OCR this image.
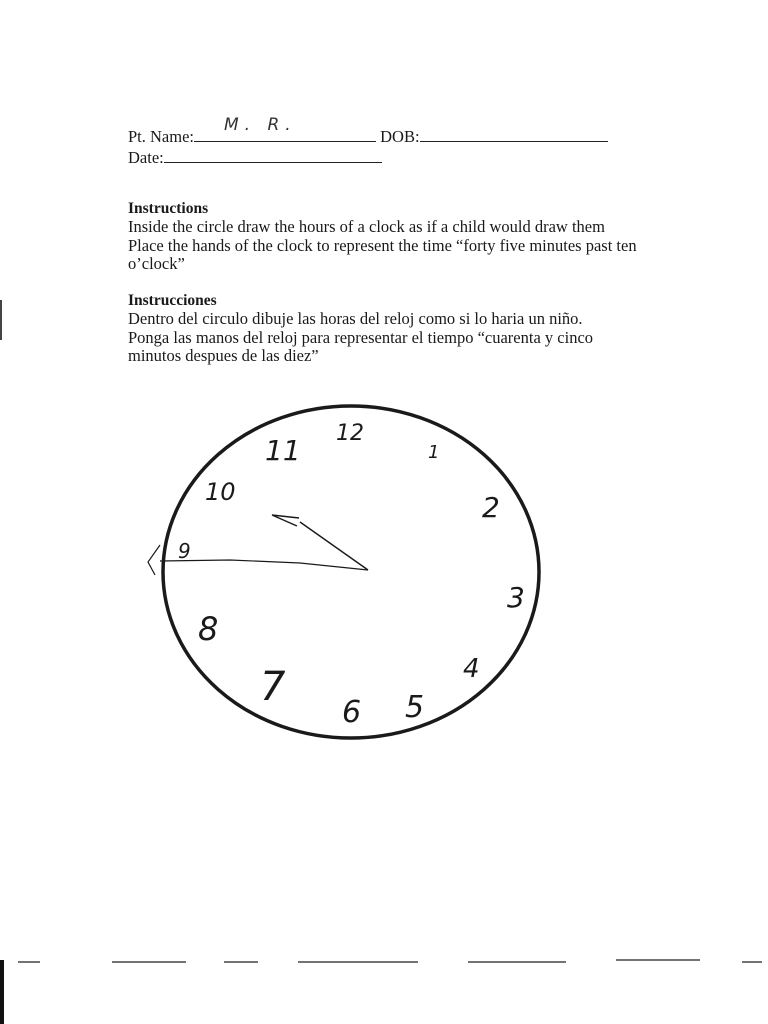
Pt. Name:
M. R.
DOB:
Date:
Instructions
Inside the circle draw the hours of a clock as if a child would draw them
Place the hands of the clock to represent the time “forty five minutes past ten
o’clock”
Instrucciones
Dentro del circulo dibuje las horas del reloj como si lo haria un niño.
Ponga las manos del reloj para representar el tiempo “cuarenta y cinco
minutos despues de las diez”
12
1
2
3
4
5
6
7
8
9
10
11
